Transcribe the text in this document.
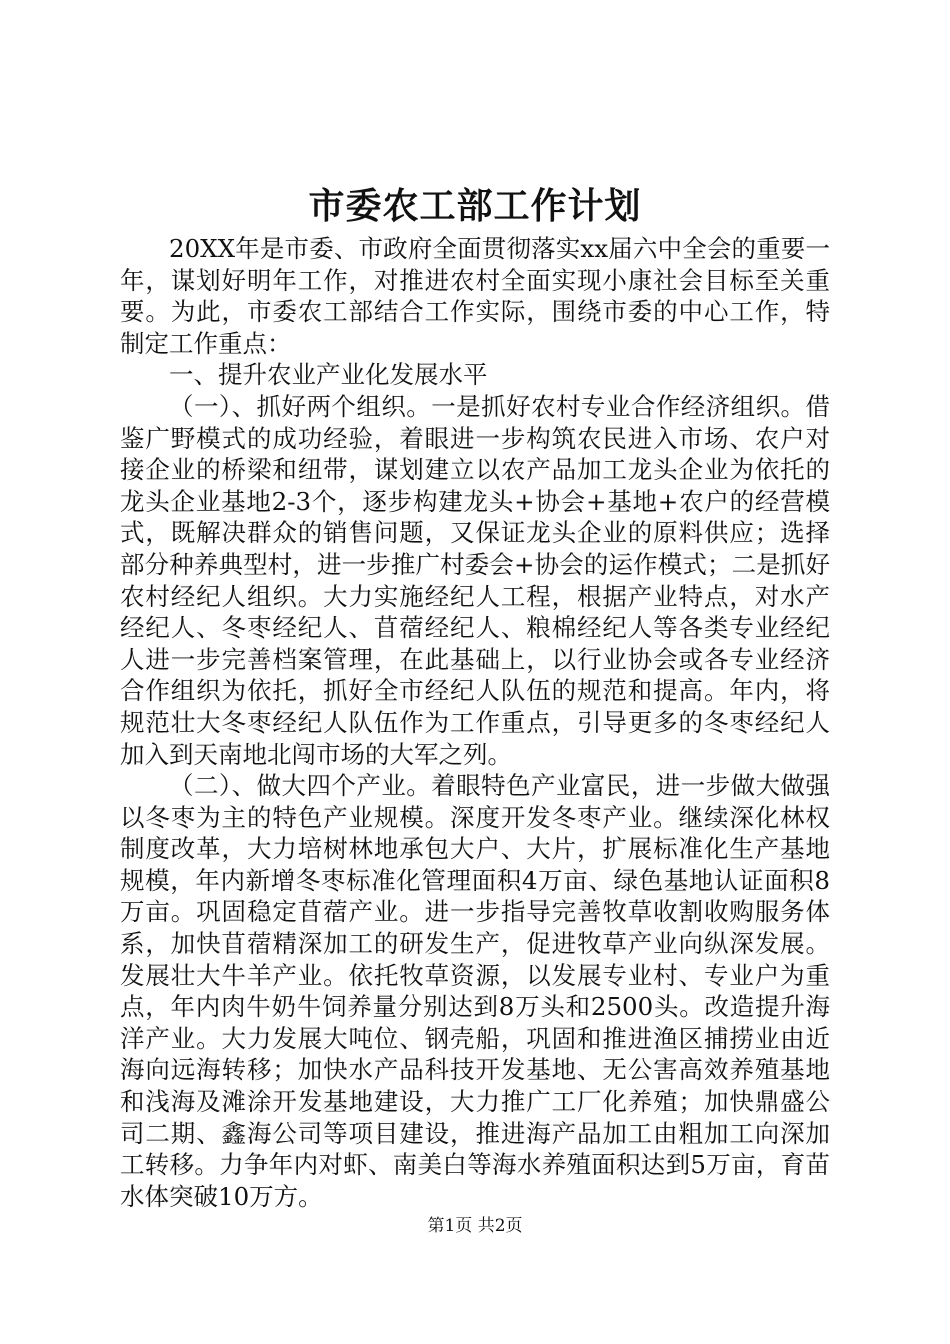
市委农工部工作计划

20XX年是市委、市政府全面贯彻落实xx届六中全会的重要一年，谋划好明年工作，对推进农村全面实现小康社会目标至关重要。为此，市委农工部结合工作实际，围绕市委的中心工作，特制定工作重点：

一、提升农业产业化发展水平

（一）、抓好两个组织。一是抓好农村专业合作经济组织。借鉴广野模式的成功经验，着眼进一步构筑农民进入市场、农户对接企业的桥梁和纽带，谋划建立以农产品加工龙头企业为依托的龙头企业基地2-3个，逐步构建龙头+协会+基地+农户的经营模式，既解决群众的销售问题，又保证龙头企业的原料供应；选择部分种养典型村，进一步推广村委会+协会的运作模式；二是抓好农村经纪人组织。大力实施经纪人工程，根据产业特点，对水产经纪人、冬枣经纪人、苜蓿经纪人、粮棉经纪人等各类专业经纪人进一步完善档案管理，在此基础上，以行业协会或各专业经济合作组织为依托，抓好全市经纪人队伍的规范和提高。年内，将规范壮大冬枣经纪人队伍作为工作重点，引导更多的冬枣经纪人加入到天南地北闯市场的大军之列。

（二）、做大四个产业。着眼特色产业富民，进一步做大做强以冬枣为主的特色产业规模。深度开发冬枣产业。继续深化林权制度改革，大力培树林地承包大户、大片，扩展标准化生产基地规模，年内新增冬枣标准化管理面积4万亩、绿色基地认证面积8万亩。巩固稳定苜蓿产业。进一步指导完善牧草收割收购服务体系，加快苜蓿精深加工的研发生产，促进牧草产业向纵深发展。发展壮大牛羊产业。依托牧草资源，以发展专业村、专业户为重点，年内肉牛奶牛饲养量分别达到8万头和2500头。改造提升海洋产业。大力发展大吨位、钢壳船，巩固和推进渔区捕捞业由近海向远海转移；加快水产品科技开发基地、无公害高效养殖基地和浅海及滩涂开发基地建设，大力推广工厂化养殖；加快鼎盛公司二期、鑫海公司等项目建设，推进海产品加工由粗加工向深加工转移。力争年内对虾、南美白等海水养殖面积达到5万亩，育苗水体突破10万方。

第1页 共2页
